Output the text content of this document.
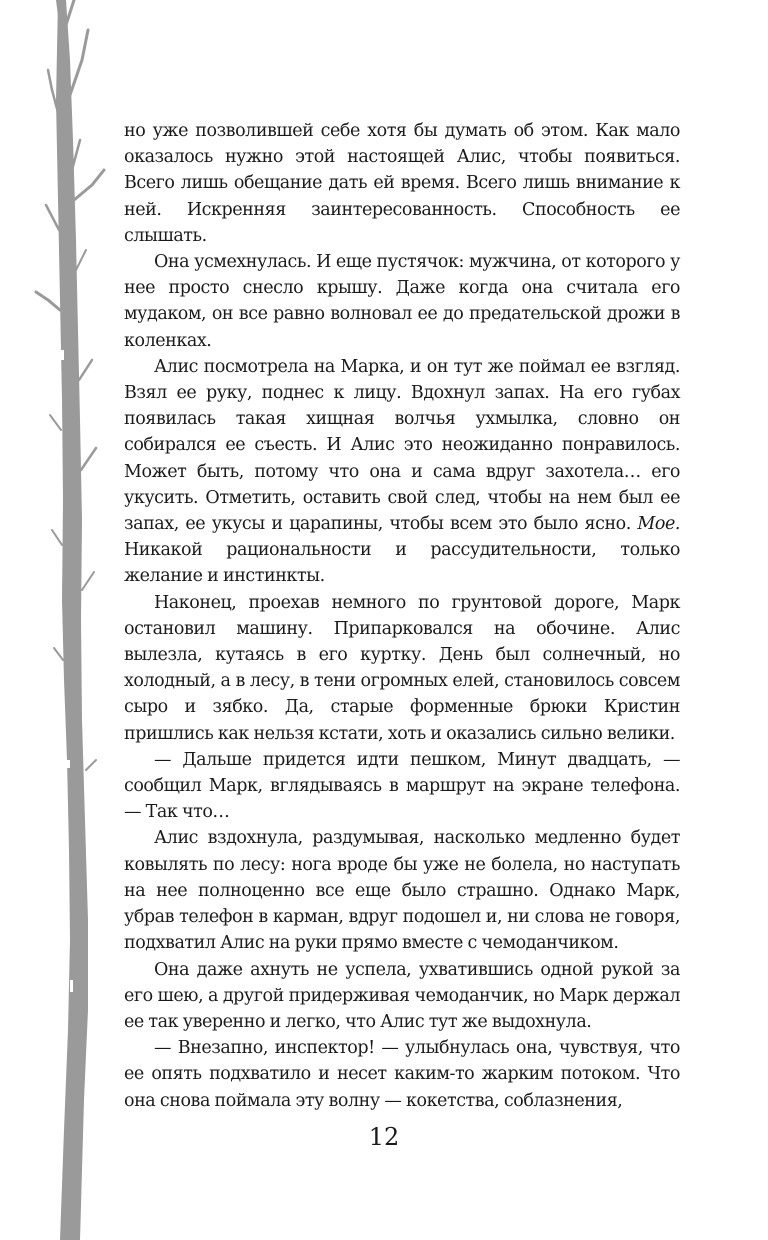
но уже позволившей себе хотя бы думать об этом. Как мало оказалось нужно этой настоящей Алис, чтобы появиться. Всего лишь обещание дать ей время. Всего лишь внимание к ней. Искренняя заинтересованность. Способность ее слышать.

Она усмехнулась. И еще пустячок: мужчина, от которого у нее просто снесло крышу. Даже когда она считала его мудаком, он все равно волновал ее до предательской дрожи в коленках.

Алис посмотрела на Марка, и он тут же поймал ее взгляд. Взял ее руку, поднес к лицу. Вдохнул запах. На его губах появилась такая хищная волчья ухмылка, словно он собирался ее съесть. И Алис это неожиданно понравилось. Может быть, потому что она и сама вдруг захотела… его укусить. Отметить, оставить свой след, чтобы на нем был ее запах, ее укусы и царапины, чтобы всем это было ясно. Мое. Никакой рациональности и рассудительности, только желание и инстинкты.

Наконец, проехав немного по грунтовой дороге, Марк остановил машину. Припарковался на обочине. Алис вылезла, кутаясь в его куртку. День был солнечный, но холодный, а в лесу, в тени огромных елей, становилось совсем сыро и зябко. Да, старые форменные брюки Кристин пришлись как нельзя кстати, хоть и оказались сильно велики.

— Дальше придется идти пешком, Минут двадцать, — сообщил Марк, вглядываясь в маршрут на экране телефона. — Так что…

Алис вздохнула, раздумывая, насколько медленно будет ковылять по лесу: нога вроде бы уже не болела, но наступать на нее полноценно все еще было страшно. Однако Марк, убрав телефон в карман, вдруг подошел и, ни слова не говоря, подхватил Алис на руки прямо вместе с чемоданчиком.

Она даже ахнуть не успела, ухватившись одной рукой за его шею, а другой придерживая чемоданчик, но Марк держал ее так уверенно и легко, что Алис тут же выдохнула.

— Внезапно, инспектор! — улыбнулась она, чувствуя, что ее опять подхватило и несет каким-то жарким потоком. Что она снова поймала эту волну — кокетства, соблазнения,

12
